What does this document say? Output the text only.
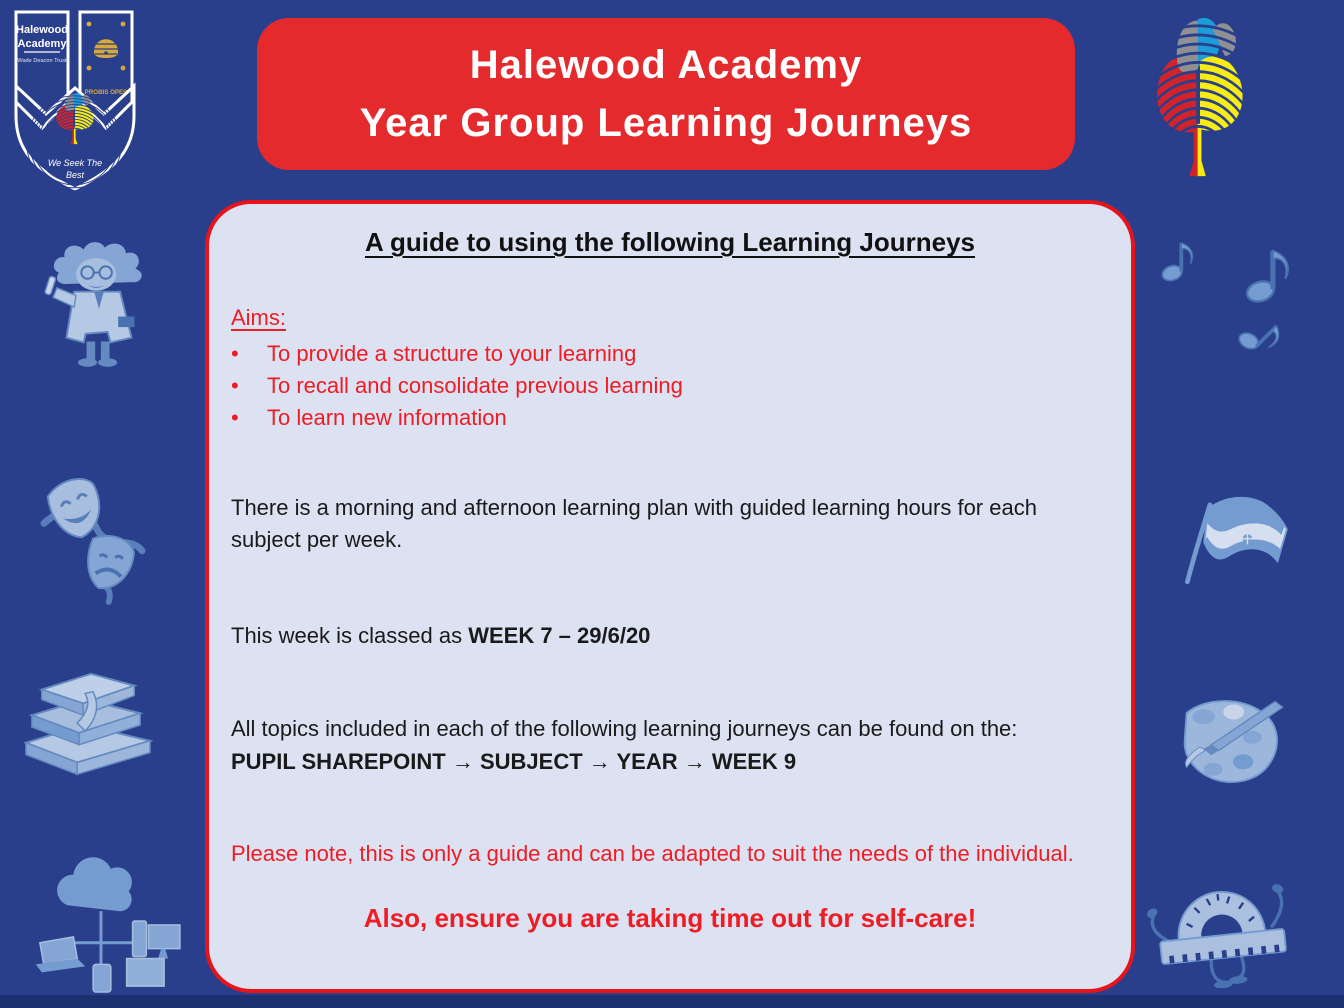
Halewood
Academy
Wade Deacon Trust
PROBIS OPES
We Seek The
Best
Halewood Academy
Year Group Learning Journeys
A guide to using the following Learning Journeys
Aims:
•	To provide a structure to your learning
•	To recall and consolidate previous learning
•	To learn new information

There is a morning and afternoon learning plan with guided learning hours for each subject per week.

This week is classed as WEEK 7 – 29/6/20

All topics included in each of the following learning journeys can be found on the:
PUPIL SHAREPOINT → SUBJECT → YEAR → WEEK 9

Please note, this is only a guide and can be adapted to suit the needs of the individual.

Also, ensure you are taking time out for self-care!
